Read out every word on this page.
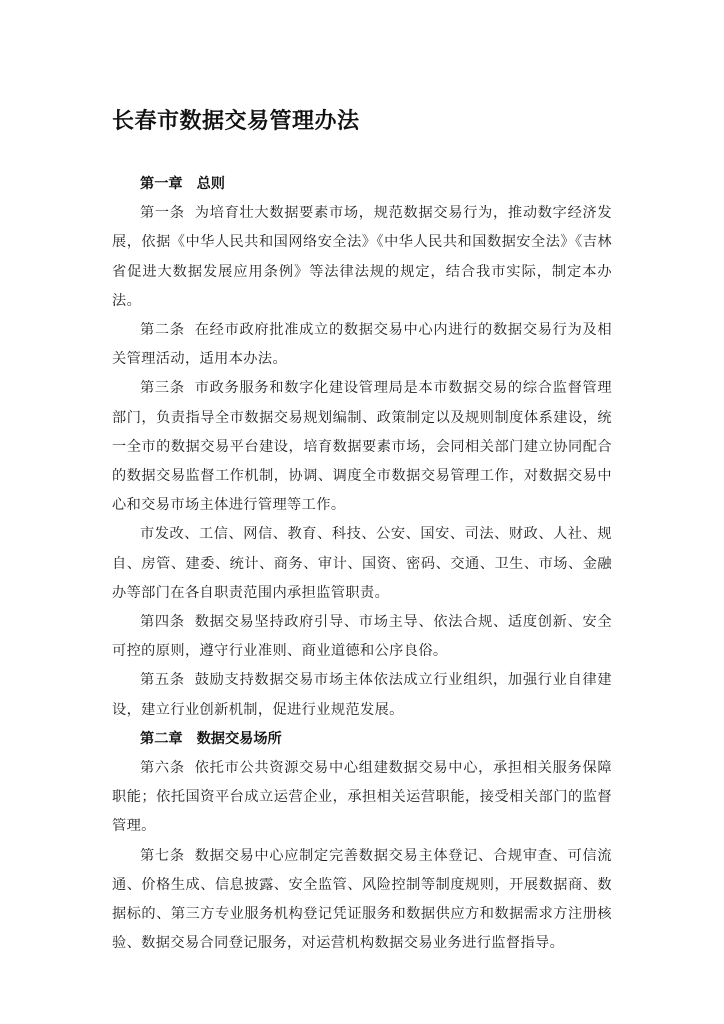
长春市数据交易管理办法

第一章 总则

第一条 为培育壮大数据要素市场，规范数据交易行为，推动数字经济发展，依据《中华人民共和国网络安全法》《中华人民共和国数据安全法》《吉林省促进大数据发展应用条例》等法律法规的规定，结合我市实际，制定本办法。

第二条 在经市政府批准成立的数据交易中心内进行的数据交易行为及相关管理活动，适用本办法。

第三条 市政务服务和数字化建设管理局是本市数据交易的综合监督管理部门，负责指导全市数据交易规划编制、政策制定以及规则制度体系建设，统一全市的数据交易平台建设，培育数据要素市场，会同相关部门建立协同配合的数据交易监督工作机制，协调、调度全市数据交易管理工作，对数据交易中心和交易市场主体进行管理等工作。

市发改、工信、网信、教育、科技、公安、国安、司法、财政、人社、规自、房管、建委、统计、商务、审计、国资、密码、交通、卫生、市场、金融办等部门在各自职责范围内承担监管职责。

第四条 数据交易坚持政府引导、市场主导、依法合规、适度创新、安全可控的原则，遵守行业准则、商业道德和公序良俗。

第五条 鼓励支持数据交易市场主体依法成立行业组织，加强行业自律建设，建立行业创新机制，促进行业规范发展。

第二章 数据交易场所

第六条 依托市公共资源交易中心组建数据交易中心，承担相关服务保障职能；依托国资平台成立运营企业，承担相关运营职能，接受相关部门的监督管理。

第七条 数据交易中心应制定完善数据交易主体登记、合规审查、可信流通、价格生成、信息披露、安全监管、风险控制等制度规则，开展数据商、数据标的、第三方专业服务机构登记凭证服务和数据供应方和数据需求方注册核验、数据交易合同登记服务，对运营机构数据交易业务进行监督指导。
